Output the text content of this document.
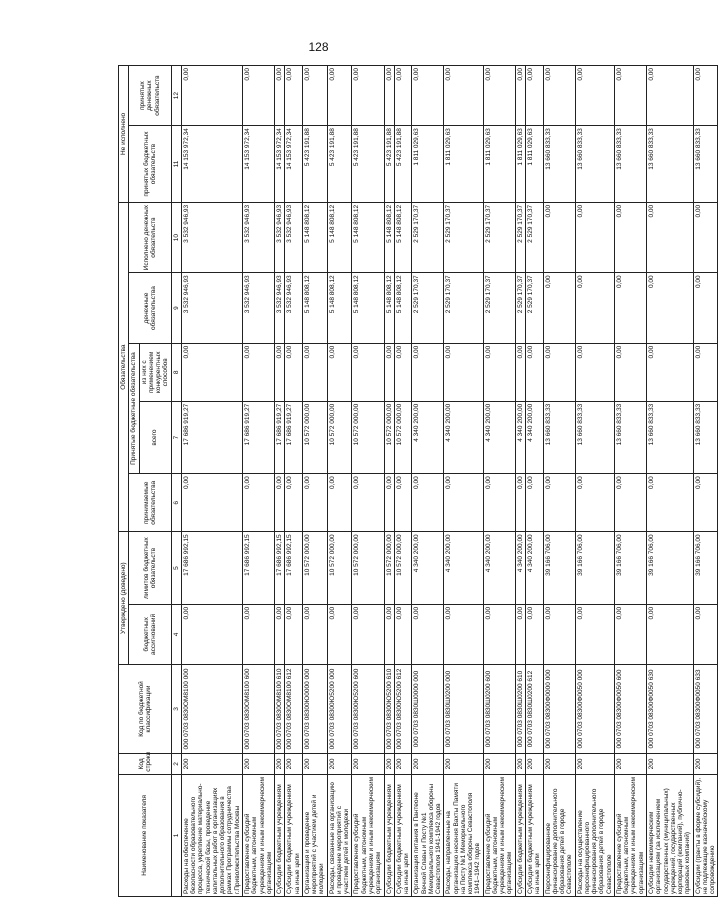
128
Наименование показателя	Код строки	Код по бюджетной классификации	Утверждено (доведено)		Обязательства					Не исполнено	
			бюджетных ассигнований	лимитов бюджетных обязательств	принимаемые обязательства	Принятые бюджетные обязательства		денежные обязательства	Исполнено денежных обязательств	принятых бюджетных обязательств	принятых денежных обязательств
						всего	из них с применением конкурентных способов				
1	2	3	4	5	6	7	8	9	10	11	12
Расходы на обеспечение безопасности образовательного процесса, укрепление материально-технической базы, проведение капитальных работ в организациях дополнительного образования в рамках Программы сотрудничества г.Приволжсктельства Москвы	200	000 0703 0830ОМ8100 000	0,00	17 686 992,15	0,00	17 686 919,27	0,00	3 532 946,93	3 532 946,93	14 153 972,34	0,00
Предоставление субсидий бюджетным, автономным учреждениям и иным некоммерческим организациям	200	000 0703 0830ОМ8100 600	0,00	17 686 992,15	0,00	17 686 919,27	0,00	3 532 946,93	3 532 946,93	14 153 972,34	0,00
Субсидии бюджетным учреждениям	200	000 0703 0830ОМ8100 610	0,00	17 686 992,15	0,00	17 686 919,27	0,00	3 532 946,93	3 532 946,93	14 153 972,34	0,00
Субсидии бюджетным учреждениям на иные цели	200	000 0703 0830ОМ8100 612	0,00	17 686 992,15	0,00	17 686 919,27	0,00	3 532 946,93	3 532 946,93	14 153 972,34	0,00
Организация и проведение мероприятий с участием детей и молодежи	200	000 0703 08300Ю0000 000	0,00	10 572 000,00	0,00	10 572 000,00	0,00	5 148 808,12	5 148 808,12	5 423 191,88	0,00
Расходы, связанные на организацию и проведение мероприятий с участием детей и молодежи	200	000 0703 08300Ю5200 000	0,00	10 572 000,00	0,00	10 572 000,00	0,00	5 148 808,12	5 148 808,12	5 423 191,88	0,00
Предоставление субсидий бюджетным, автономным учреждениям и иным некоммерческим организациям	200	000 0703 08300Ю5200 600	0,00	10 572 000,00	0,00	10 572 000,00	0,00	5 148 808,12	5 148 808,12	5 423 191,88	0,00
Субсидии бюджетным учреждениям	200	000 0703 08300Ю5200 610	0,00	10 572 000,00	0,00	10 572 000,00	0,00	5 148 808,12	5 148 808,12	5 423 191,88	0,00
Субсидии бюджетным учреждениям на иные цели	200	000 0703 08300Ю5200 612	0,00	10 572 000,00	0,00	10 572 000,00	0,00	5 148 808,12	5 148 808,12	5 423 191,88	0,00
Организация питания в Пантеоне Вечной Славы и Посту №1 Мемориального комплекса обороны Севастополя 1941-1942 годов	200	000 0703 0830Ш0000 000	0,00	4 340 200,00	0,00	4 340 200,00	0,00	2 529 170,37	2 529 170,37	1 811 029,63	0,00
Расходы, направленные на организацию несения Вахты Памяти на Посту №1 Мемориального комплекса обороны Севастополя 1941–1942 годов	200	000 0703 0830Ш0200 000	0,00	4 340 200,00	0,00	4 340 200,00	0,00	2 529 170,37	2 529 170,37	1 811 029,63	0,00
Предоставление субсидий бюджетным, автономным учреждениям и иным некоммерческим организациям	200	000 0703 0830Ш0200 600	0,00	4 340 200,00	0,00	4 340 200,00	0,00	2 529 170,37	2 529 170,37	1 811 029,63	0,00
Субсидии бюджетным учреждениям	200	000 0703 0830Ш0200 610	0,00	4 340 200,00	0,00	4 340 200,00	0,00	2 529 170,37	2 529 170,37	1 811 029,63	0,00
Субсидии бюджетным учреждениям на иные цели	200	000 0703 0830Ш0200 612	0,00	4 340 200,00	0,00	4 340 200,00	0,00	2 529 170,37	2 529 170,37	1 811 029,63	0,00
Персонифицированное финансирование дополнительного образования детей в городе Севастополе	200	000 0703 08300Ф0000 000	0,00	39 166 706,00	0,00	13 660 833,33	0,00	0,00	0,00	13 660 833,33	0,00
Расходы на осуществление персонифицированного финансирования дополнительного образования детей в городе Севастополе	200	000 0703 08300Ф0050 000	0,00	39 166 706,00	0,00	13 660 833,33	0,00	0,00	0,00	13 660 833,33	0,00
Предоставление субсидий бюджетным, автономным учреждениям и иным некоммерческим организациям	200	000 0703 08300Ф0050 600	0,00	39 166 706,00	0,00	13 660 833,33	0,00	0,00	0,00	13 660 833,33	0,00
Субсидии некоммерческим организациям (за исключением государственных (муниципальных) учреждений, государственных корпораций (компаний), публично-правовых компаний)	200	000 0703 08300Ф0050 630	0,00	39 166 706,00	0,00	13 660 833,33	0,00	0,00	0,00	13 660 833,33	0,00
Субсидии (гранты в форме субсидий), не подлежащие казначейскому сопровождению	200	000 0703 08300Ф0050 633	0,00	39 166 706,00	0,00	13 660 833,33	0,00	0,00	0,00	13 660 833,33	0,00
